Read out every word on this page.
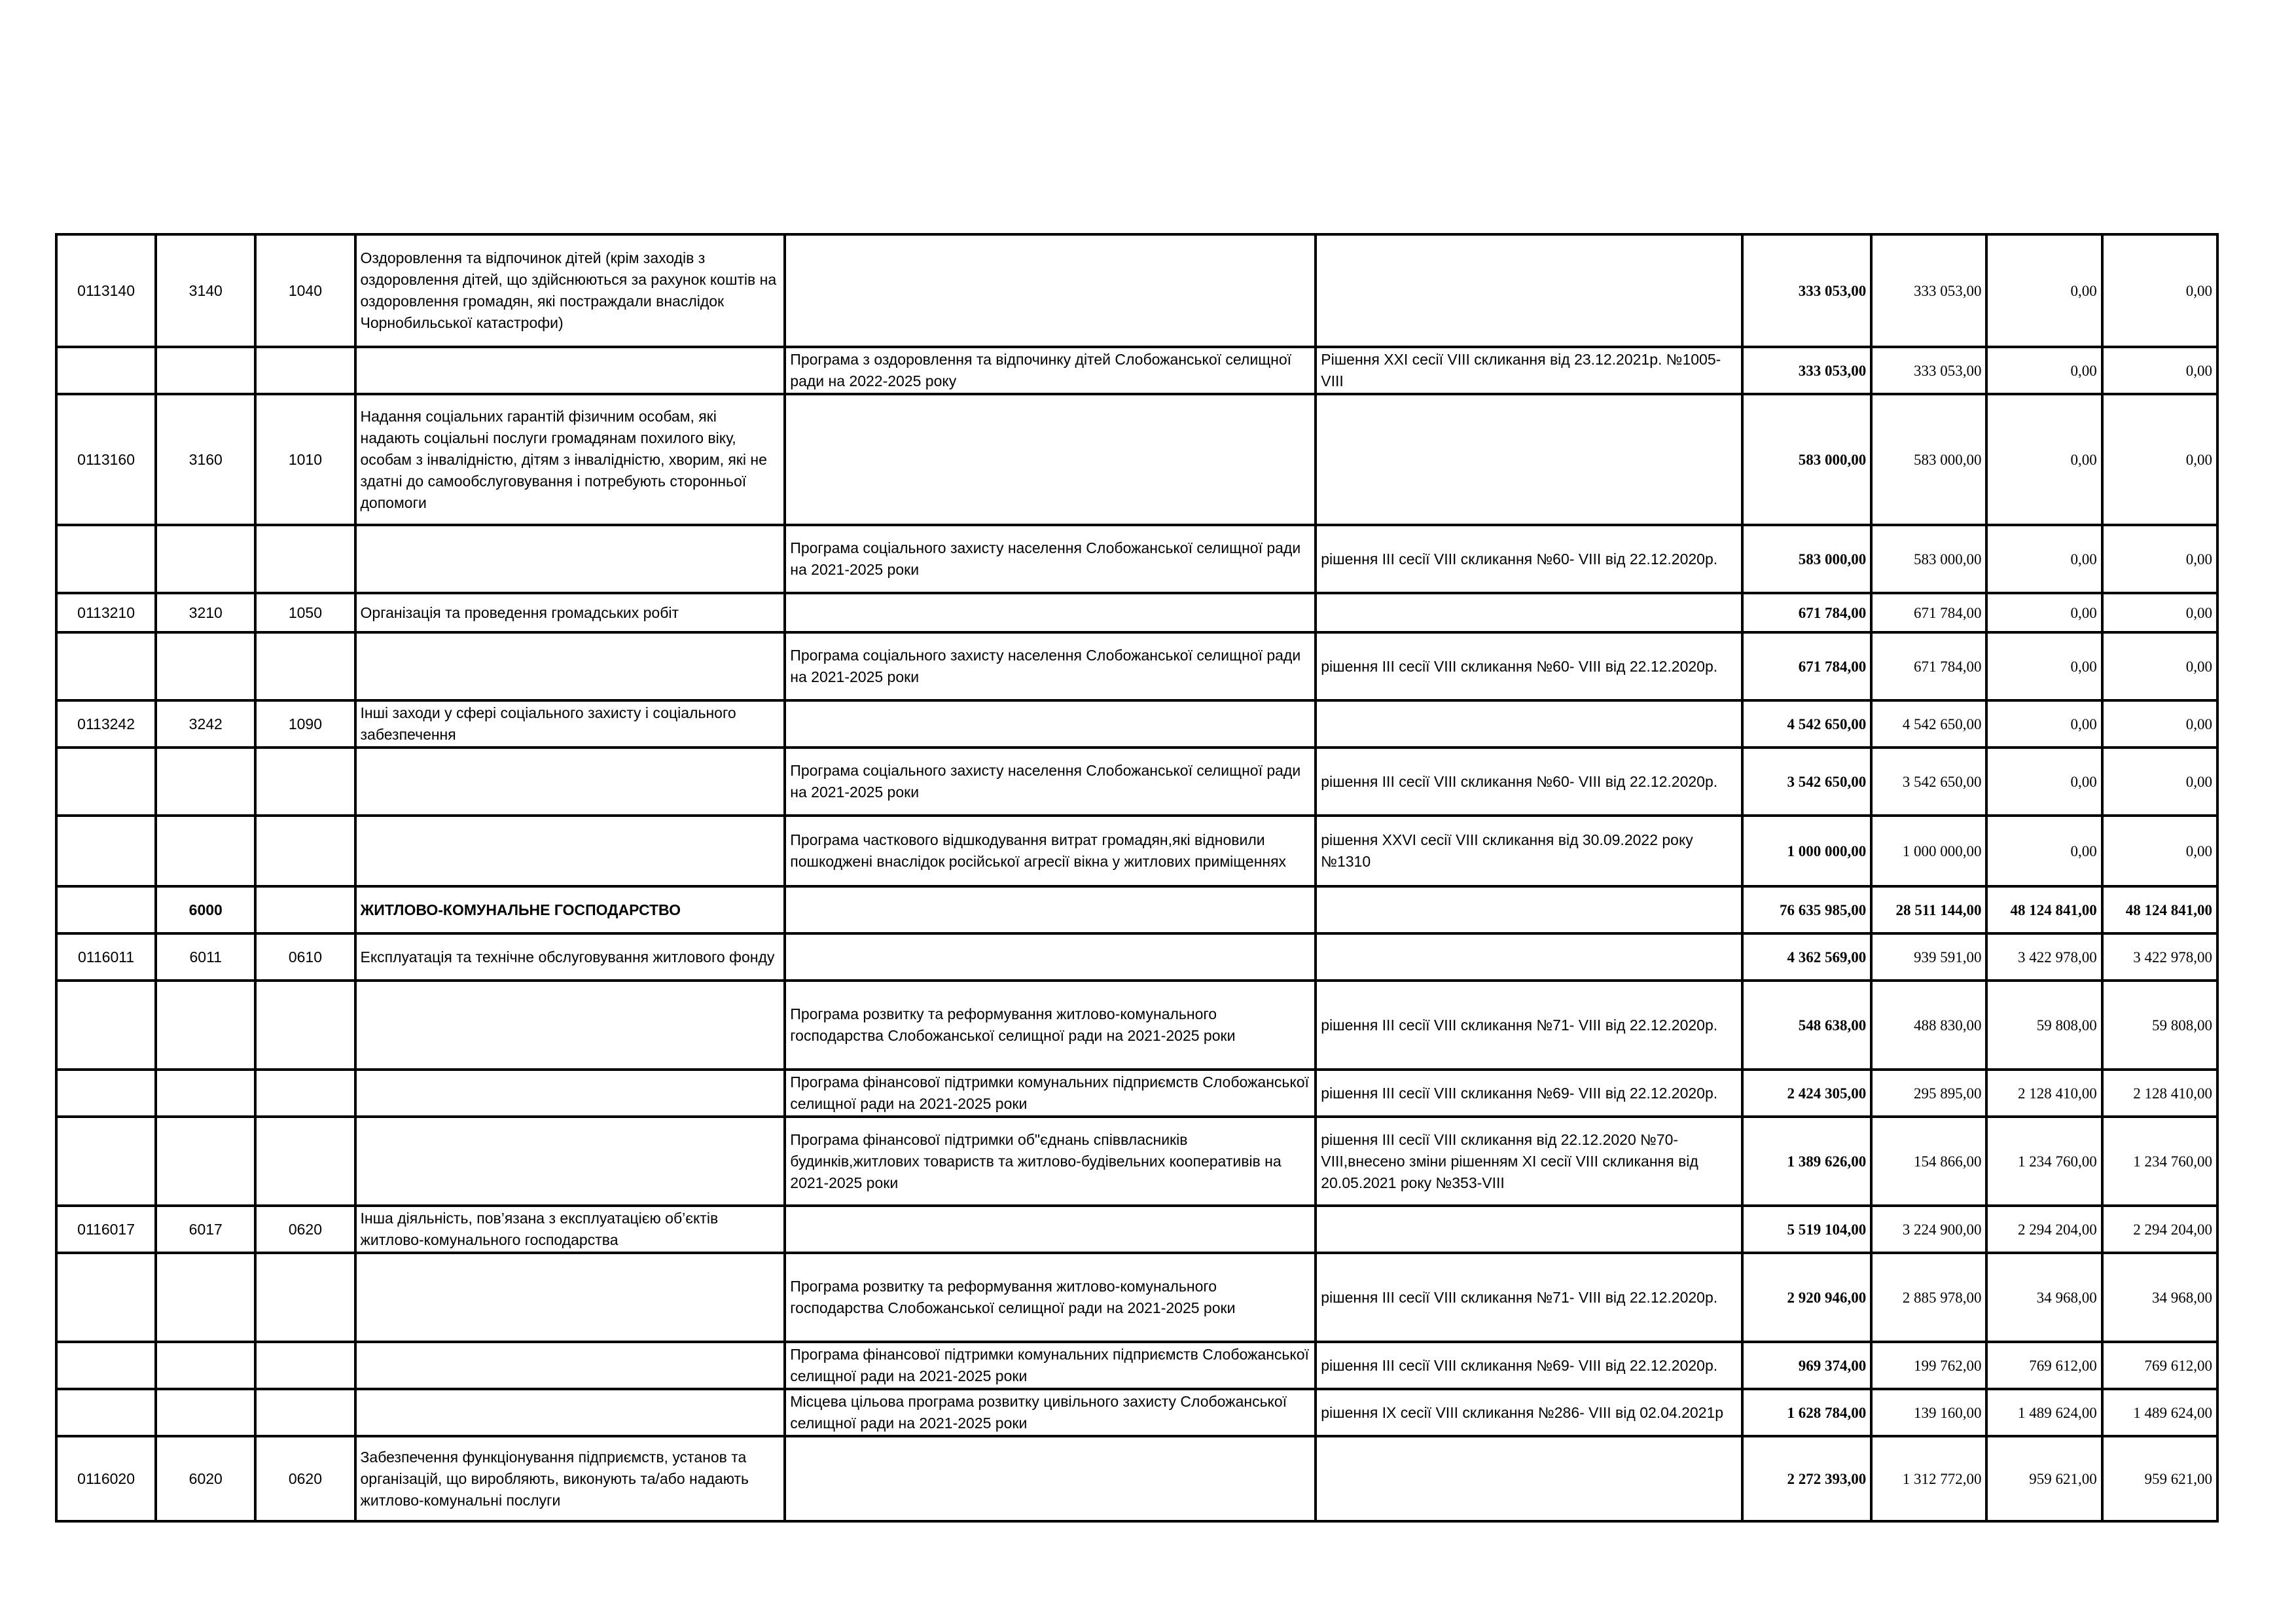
0113140	3140	1040	Оздоровлення та відпочинок дітей (крім заходів з оздоровлення дітей, що здійснюються за рахунок коштів на оздоровлення громадян, які постраждали внаслідок Чорнобильської катастрофи)			333 053,00	333 053,00	0,00	0,00
				Програма з оздоровлення та відпочинку дітей Слобожанської селищної ради на 2022-2025 року	Рішення ХХІ сесії VIII скликання від 23.12.2021р. №1005-VIII	333 053,00	333 053,00	0,00	0,00
0113160	3160	1010	Надання соціальних гарантій фізичним особам, які надають соціальні послуги громадянам похилого віку, особам з інвалідністю, дітям з інвалідністю, хворим, які не здатні до самообслуговування і потребують сторонньої допомоги			583 000,00	583 000,00	0,00	0,00
				Програма соціального захисту населення Слобожанської селищної ради на 2021-2025 роки	рішення ІІІ сесії VIII скликання №60- VIII від 22.12.2020р.	583 000,00	583 000,00	0,00	0,00
0113210	3210	1050	Організація та проведення громадських робіт			671 784,00	671 784,00	0,00	0,00
				Програма соціального захисту населення Слобожанської селищної ради на 2021-2025 роки	рішення ІІІ сесії VIII скликання №60- VIII від 22.12.2020р.	671 784,00	671 784,00	0,00	0,00
0113242	3242	1090	Інші заходи у сфері соціального захисту і соціального забезпечення			4 542 650,00	4 542 650,00	0,00	0,00
				Програма соціального захисту населення Слобожанської селищної ради на 2021-2025 роки	рішення ІІІ сесії VIII скликання №60- VIII від 22.12.2020р.	3 542 650,00	3 542 650,00	0,00	0,00
				Програма часткового відшкодування витрат громадян,які відновили пошкоджені внаслідок російської агресії вікна у житлових приміщеннях	рішення ХХVІ сесії VIII скликання від 30.09.2022 року №1310	1 000 000,00	1 000 000,00	0,00	0,00
	6000		ЖИТЛОВО-КОМУНАЛЬНЕ ГОСПОДАРСТВО			76 635 985,00	28 511 144,00	48 124 841,00	48 124 841,00
0116011	6011	0610	Експлуатація та технічне обслуговування житлового фонду			4 362 569,00	939 591,00	3 422 978,00	3 422 978,00
				Програма розвитку та реформування житлово-комунального господарства Слобожанської селищної ради на 2021-2025 роки	рішення ІІІ сесії VIII скликання №71- VIII від 22.12.2020р.	548 638,00	488 830,00	59 808,00	59 808,00
				Програма фінансової підтримки комунальних підприємств Слобожанської селищної ради на 2021-2025 роки	рішення ІІІ сесії VIII скликання №69- VIII від 22.12.2020р.	2 424 305,00	295 895,00	2 128 410,00	2 128 410,00
				Програма фінансової підтримки об"єднань співвласників будинків,житлових товариств та житлово-будівельних кооперативів на 2021-2025 роки	рішення ІІІ сесії VIII скликання від 22.12.2020 №70-VIII,внесено зміни рішенням ХІ сесії VIII скликання від 20.05.2021 року №353-VIII	1 389 626,00	154 866,00	1 234 760,00	1 234 760,00
0116017	6017	0620	Інша діяльність, пов’язана з експлуатацією об’єктів житлово-комунального господарства			5 519 104,00	3 224 900,00	2 294 204,00	2 294 204,00
				Програма розвитку та реформування житлово-комунального господарства Слобожанської селищної ради на 2021-2025 роки	рішення ІІІ сесії VIII скликання №71- VIII від 22.12.2020р.	2 920 946,00	2 885 978,00	34 968,00	34 968,00
				Програма фінансової підтримки комунальних підприємств Слобожанської селищної ради на 2021-2025 роки	рішення ІІІ сесії VIII скликання №69- VIII від 22.12.2020р.	969 374,00	199 762,00	769 612,00	769 612,00
				Місцева цільова програма розвитку цивільного захисту Слобожанської селищної ради на 2021-2025 роки	рішення ІХ сесії VIII скликання №286- VIII від 02.04.2021р	1 628 784,00	139 160,00	1 489 624,00	1 489 624,00
0116020	6020	0620	Забезпечення функціонування підприємств, установ та організацій, що виробляють, виконують та/або надають житлово-комунальні послуги			2 272 393,00	1 312 772,00	959 621,00	959 621,00
